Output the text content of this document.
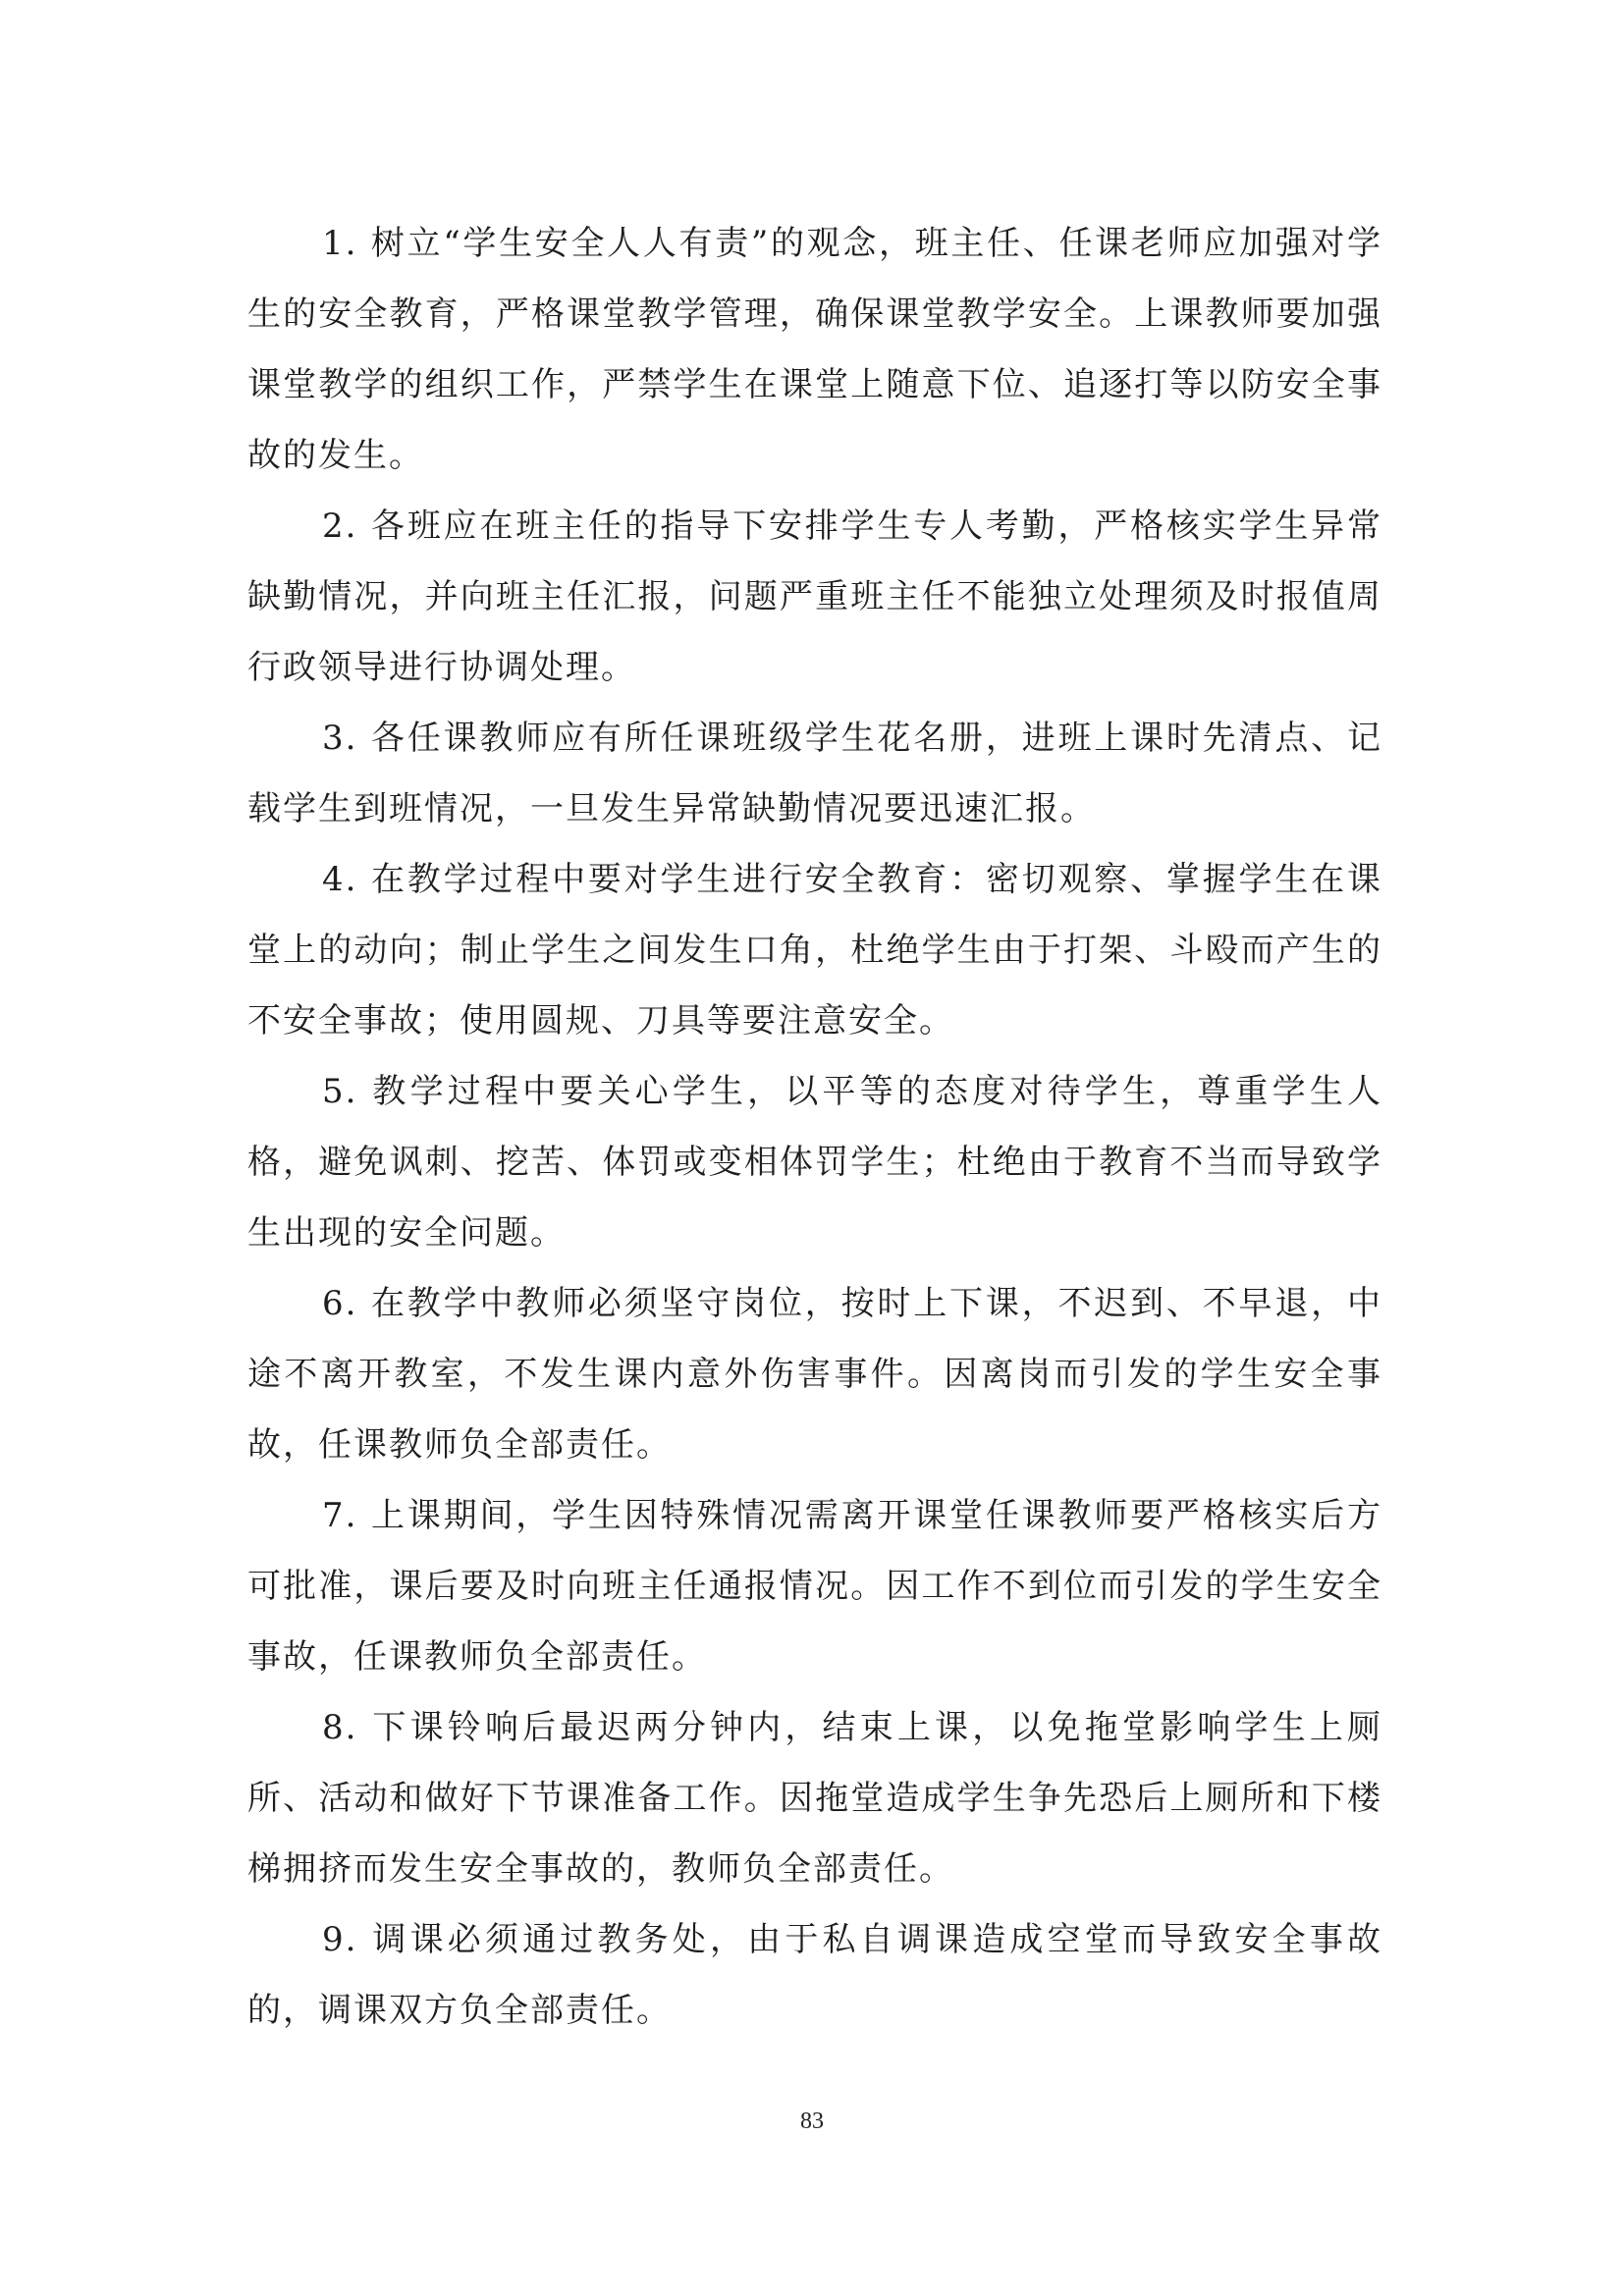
1. 树立“学生安全人人有责”的观念，班主任、任课老师应加强对学生的安全教育，严格课堂教学管理，确保课堂教学安全。上课教师要加强课堂教学的组织工作，严禁学生在课堂上随意下位、追逐打等以防安全事故的发生。

2. 各班应在班主任的指导下安排学生专人考勤，严格核实学生异常缺勤情况，并向班主任汇报，问题严重班主任不能独立处理须及时报值周行政领导进行协调处理。

3. 各任课教师应有所任课班级学生花名册，进班上课时先清点、记载学生到班情况，一旦发生异常缺勤情况要迅速汇报。

4. 在教学过程中要对学生进行安全教育：密切观察、掌握学生在课堂上的动向；制止学生之间发生口角，杜绝学生由于打架、斗殴而产生的不安全事故；使用圆规、刀具等要注意安全。

5. 教学过程中要关心学生，以平等的态度对待学生，尊重学生人格，避免讽刺、挖苦、体罚或变相体罚学生；杜绝由于教育不当而导致学生出现的安全问题。

6. 在教学中教师必须坚守岗位，按时上下课，不迟到、不早退，中途不离开教室，不发生课内意外伤害事件。因离岗而引发的学生安全事故，任课教师负全部责任。

7. 上课期间，学生因特殊情况需离开课堂任课教师要严格核实后方可批准，课后要及时向班主任通报情况。因工作不到位而引发的学生安全事故，任课教师负全部责任。

8. 下课铃响后最迟两分钟内，结束上课，以免拖堂影响学生上厕所、活动和做好下节课准备工作。因拖堂造成学生争先恐后上厕所和下楼梯拥挤而发生安全事故的，教师负全部责任。

9. 调课必须通过教务处，由于私自调课造成空堂而导致安全事故的，调课双方负全部责任。

83
